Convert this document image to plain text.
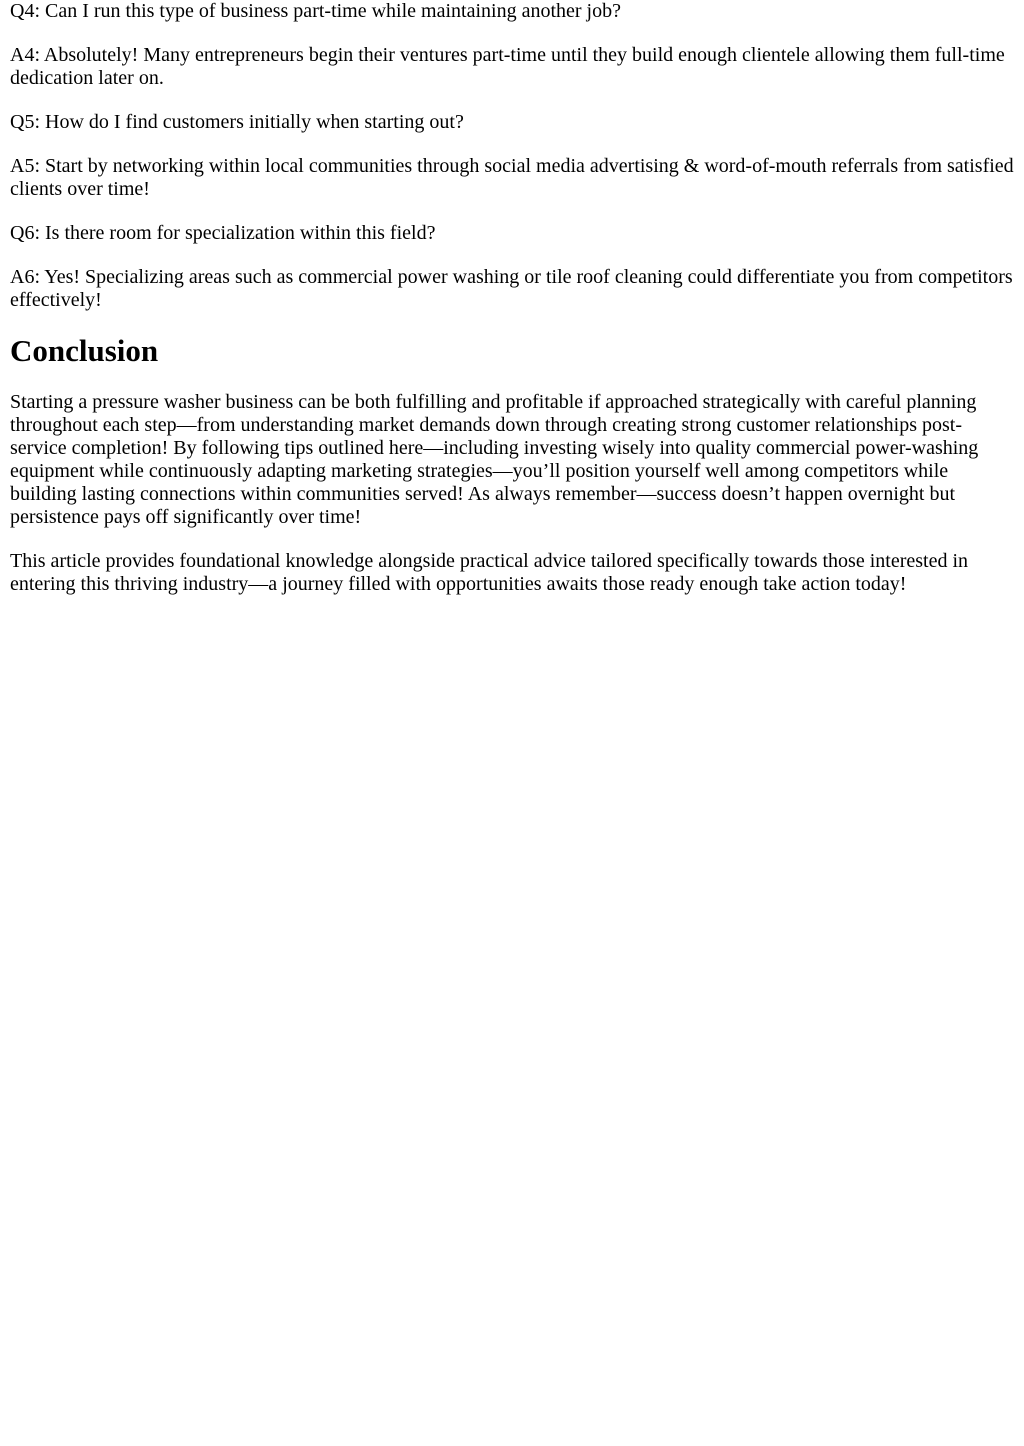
Q4: Can I run this type of business part-time while maintaining another job?

A4: Absolutely! Many entrepreneurs begin their ventures part-time until they build enough clientele allowing them full-time dedication later on.

Q5: How do I find customers initially when starting out?

A5: Start by networking within local communities through social media advertising & word-of-mouth referrals from satisfied clients over time!

Q6: Is there room for specialization within this field?

A6: Yes! Specializing areas such as commercial power washing or tile roof cleaning could differentiate you from competitors effectively!

Conclusion

Starting a pressure washer business can be both fulfilling and profitable if approached strategically with careful planning throughout each step—from understanding market demands down through creating strong customer relationships post-service completion! By following tips outlined here—including investing wisely into quality commercial power-washing equipment while continuously adapting marketing strategies—you’ll position yourself well among competitors while building lasting connections within communities served! As always remember—success doesn’t happen overnight but persistence pays off significantly over time!

This article provides foundational knowledge alongside practical advice tailored specifically towards those interested in entering this thriving industry—a journey filled with opportunities awaits those ready enough take action today!
